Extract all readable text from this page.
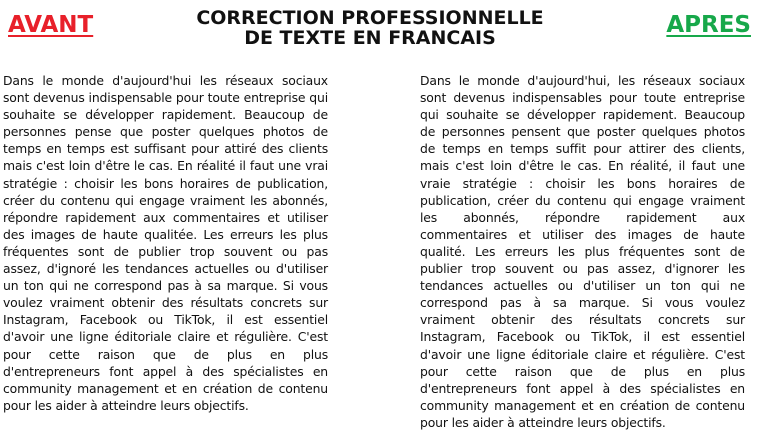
AVANT	CORRECTION PROFESSIONNELLE
DE TEXTE EN FRANCAIS	APRES
Dans le monde d'aujourd'hui les réseaux sociaux sont devenus indispensable pour toute entreprise qui souhaite se développer rapidement. Beaucoup de personnes pense que poster quelques photos de temps en temps est suffisant pour attiré des clients mais c'est loin d'être le cas. En réalité il faut une vrai stratégie : choisir les bons horaires de publication, créer du contenu qui engage vraiment les abonnés, répondre rapidement aux commentaires et utiliser des images de haute qualitée. Les erreurs les plus fréquentes sont de publier trop souvent ou pas assez, d'ignoré les tendances actuelles ou d'utiliser un ton qui ne correspond pas à sa marque. Si vous voulez vraiment obtenir des résultats concrets sur Instagram, Facebook ou TikTok, il est essentiel d'avoir une ligne éditoriale claire et régulière. C'est pour cette raison que de plus en plus d'entrepreneurs font appel à des spécialistes en community management et en création de contenu pour les aider à atteindre leurs objectifs.
Dans le monde d'aujourd'hui, les réseaux sociaux sont devenus indispensables pour toute entreprise qui souhaite se développer rapidement. Beaucoup de personnes pensent que poster quelques photos de temps en temps suffit pour attirer des clients, mais c'est loin d'être le cas. En réalité, il faut une vraie stratégie : choisir les bons horaires de publication, créer du contenu qui engage vraiment les abonnés, répondre rapidement aux commentaires et utiliser des images de haute qualité. Les erreurs les plus fréquentes sont de publier trop souvent ou pas assez, d'ignorer les tendances actuelles ou d'utiliser un ton qui ne correspond pas à sa marque. Si vous voulez vraiment obtenir des résultats concrets sur Instagram, Facebook ou TikTok, il est essentiel d'avoir une ligne éditoriale claire et régulière. C'est pour cette raison que de plus en plus d'entrepreneurs font appel à des spécialistes en community management et en création de contenu pour les aider à atteindre leurs objectifs.
